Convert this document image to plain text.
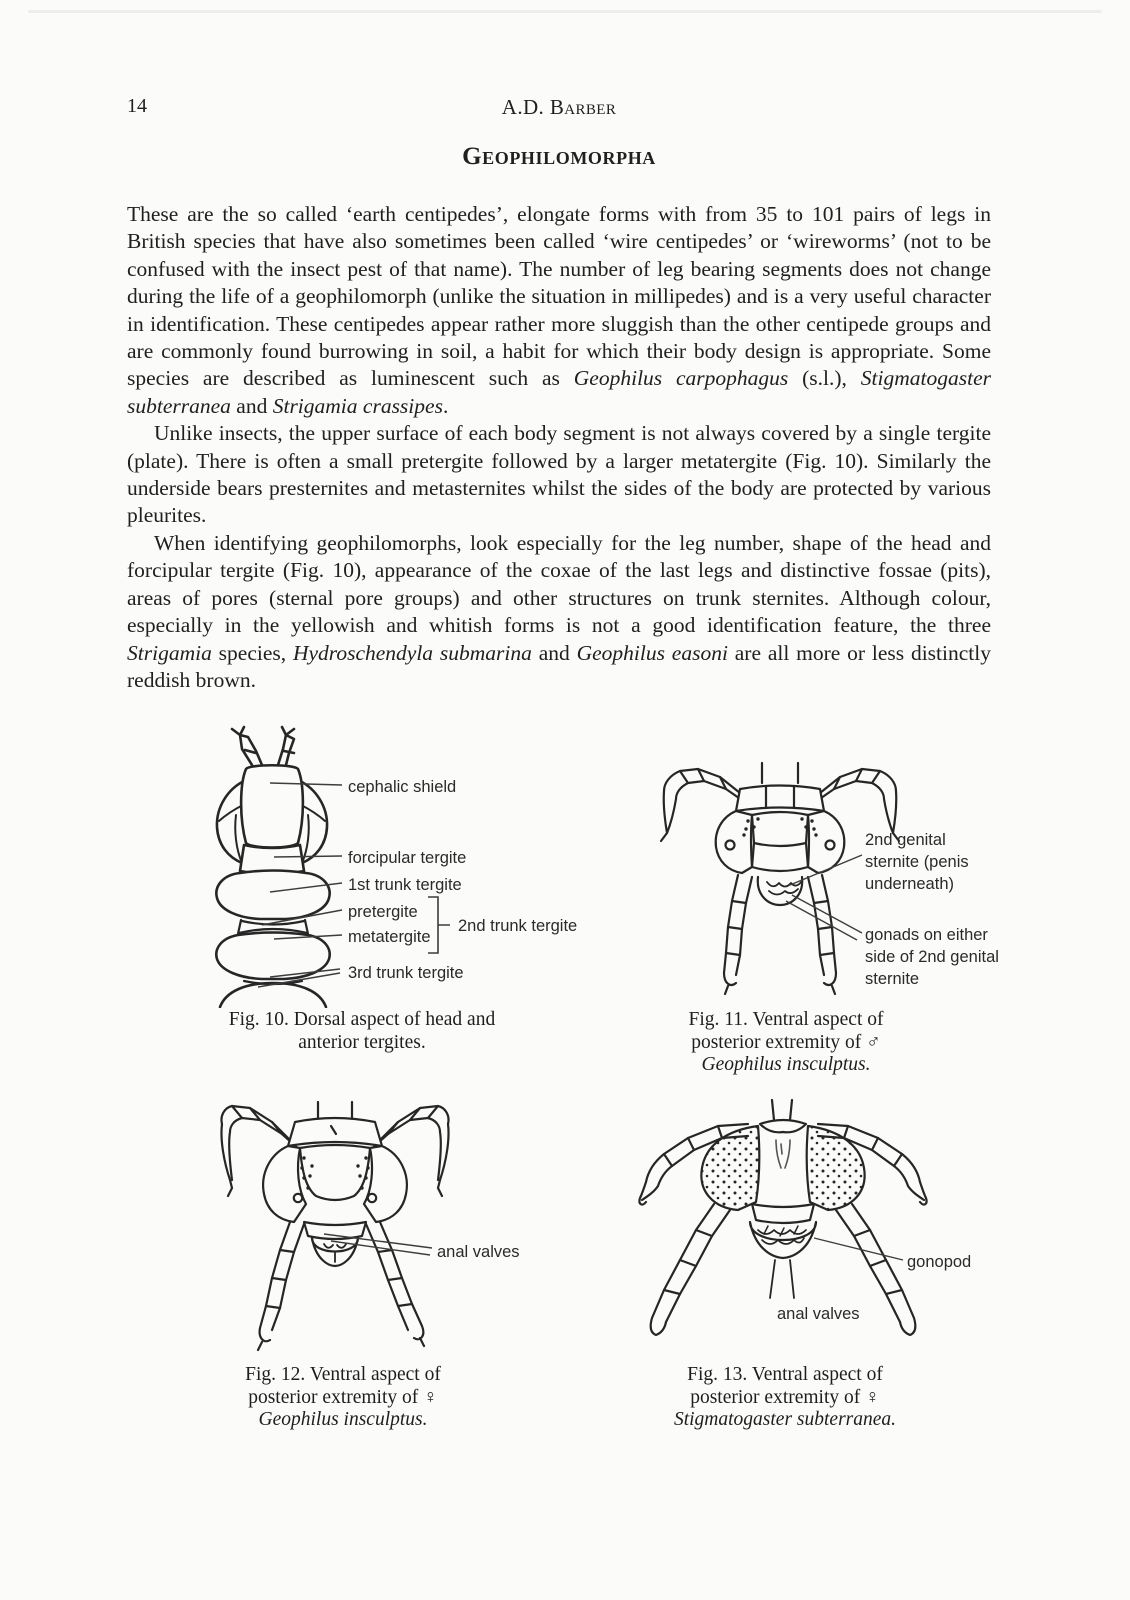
14	A.D. Barber
Geophilomorpha

These are the so called ‘earth centipedes’, elongate forms with from 35 to 101 pairs of legs in British species that have also sometimes been called ‘wire centipedes’ or ‘wireworms’ (not to be confused with the insect pest of that name). The number of leg bearing segments does not change during the life of a geophilomorph (unlike the situation in millipedes) and is a very useful character in identification. These centipedes appear rather more sluggish than the other centipede groups and are commonly found burrowing in soil, a habit for which their body design is appropriate. Some species are described as luminescent such as Geophilus carpophagus (s.l.), Stigmatogaster subterranea and Strigamia crassipes.

Unlike insects, the upper surface of each body segment is not always covered by a single tergite (plate). There is often a small pretergite followed by a larger metatergite (Fig. 10). Similarly the underside bears presternites and metasternites whilst the sides of the body are protected by various pleurites.

When identifying geophilomorphs, look especially for the leg number, shape of the head and forcipular tergite (Fig. 10), appearance of the coxae of the last legs and distinctive fossae (pits), areas of pores (sternal pore groups) and other structures on trunk sternites. Although colour, especially in the yellowish and whitish forms is not a good identification feature, the three Strigamia species, Hydroschendyla submarina and Geophilus easoni are all more or less distinctly reddish brown.

cephalic shield
forcipular tergite
1st trunk tergite
pretergite
metatergite
2nd trunk tergite
3rd trunk tergite
Fig. 10. Dorsal aspect of head and
anterior tergites.
2nd genital sternite (penis underneath)
gonads on either side of 2nd genital sternite
Fig. 11. Ventral aspect of
posterior extremity of ♂
Geophilus insculptus.
anal valves
Fig. 12. Ventral aspect of
posterior extremity of ♀
Geophilus insculptus.
gonopod
anal valves
Fig. 13. Ventral aspect of
posterior extremity of ♀
Stigmatogaster subterranea.
